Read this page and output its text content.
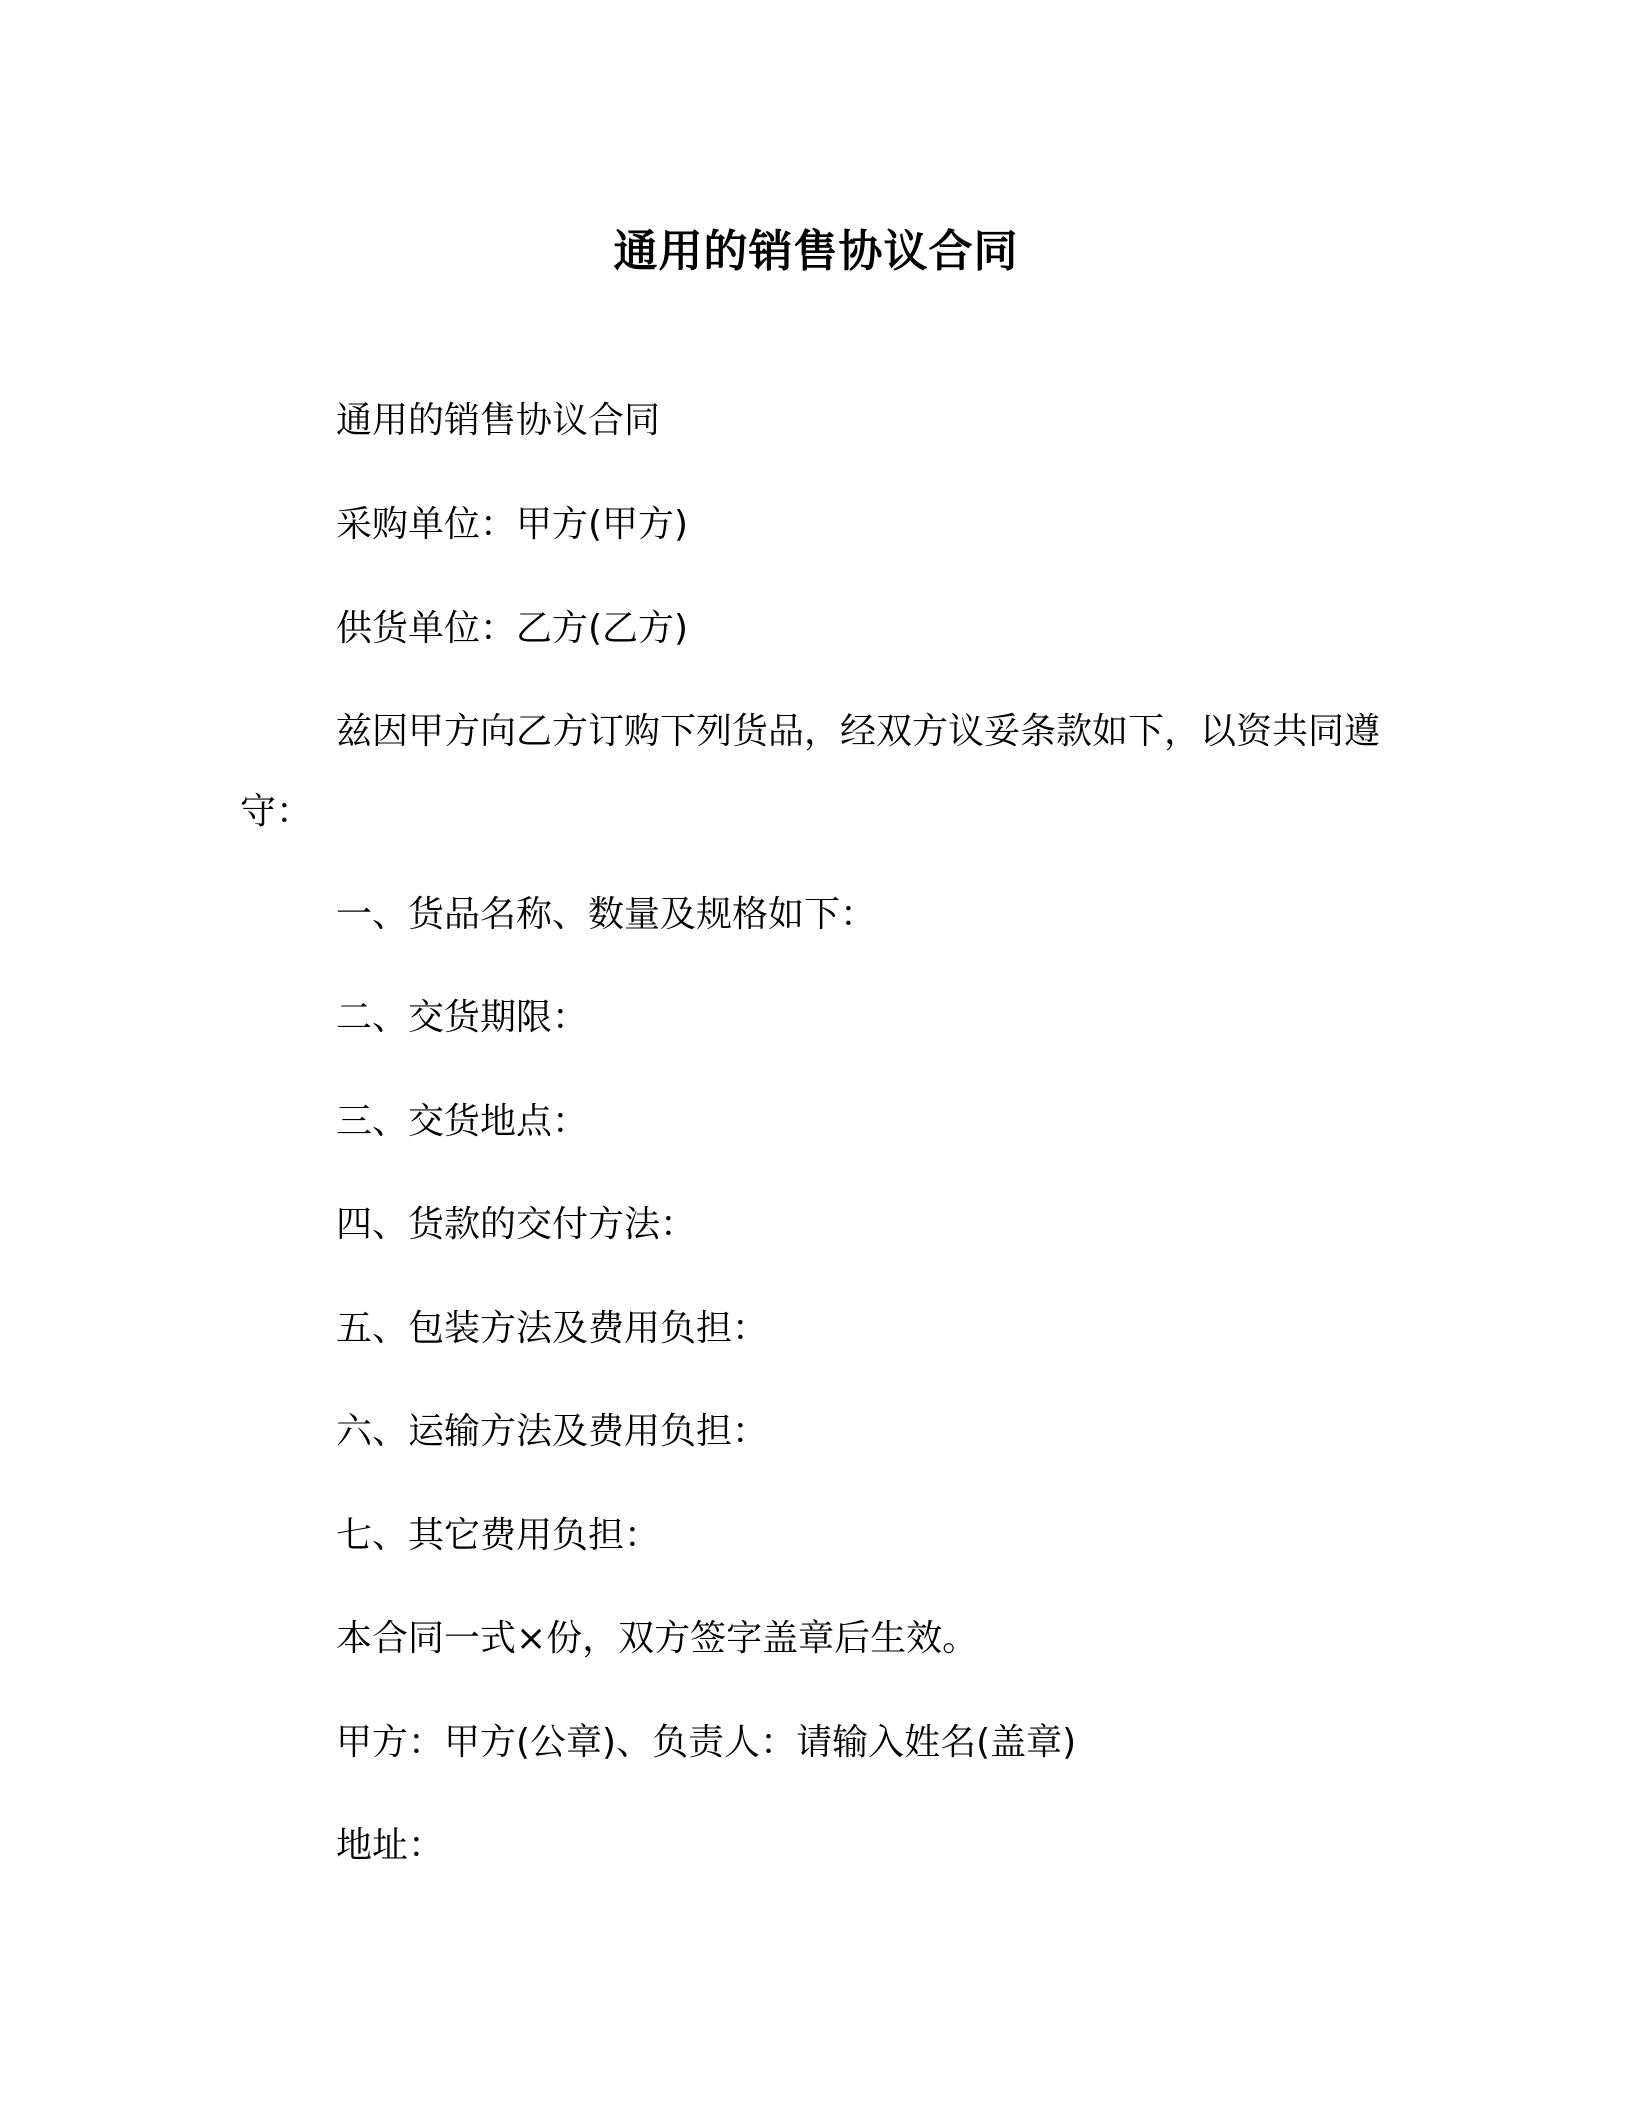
通用的销售协议合同
通用的销售协议合同
采购单位：甲方(甲方)
供货单位：乙方(乙方)
兹因甲方向乙方订购下列货品，经双方议妥条款如下，以资共同遵守：
一、货品名称、数量及规格如下：
二、交货期限：
三、交货地点：
四、货款的交付方法：
五、包装方法及费用负担：
六、运输方法及费用负担：
七、其它费用负担：
本合同一式×份，双方签字盖章后生效。
甲方：甲方(公章)、负责人：请输入姓名(盖章)
地址：
